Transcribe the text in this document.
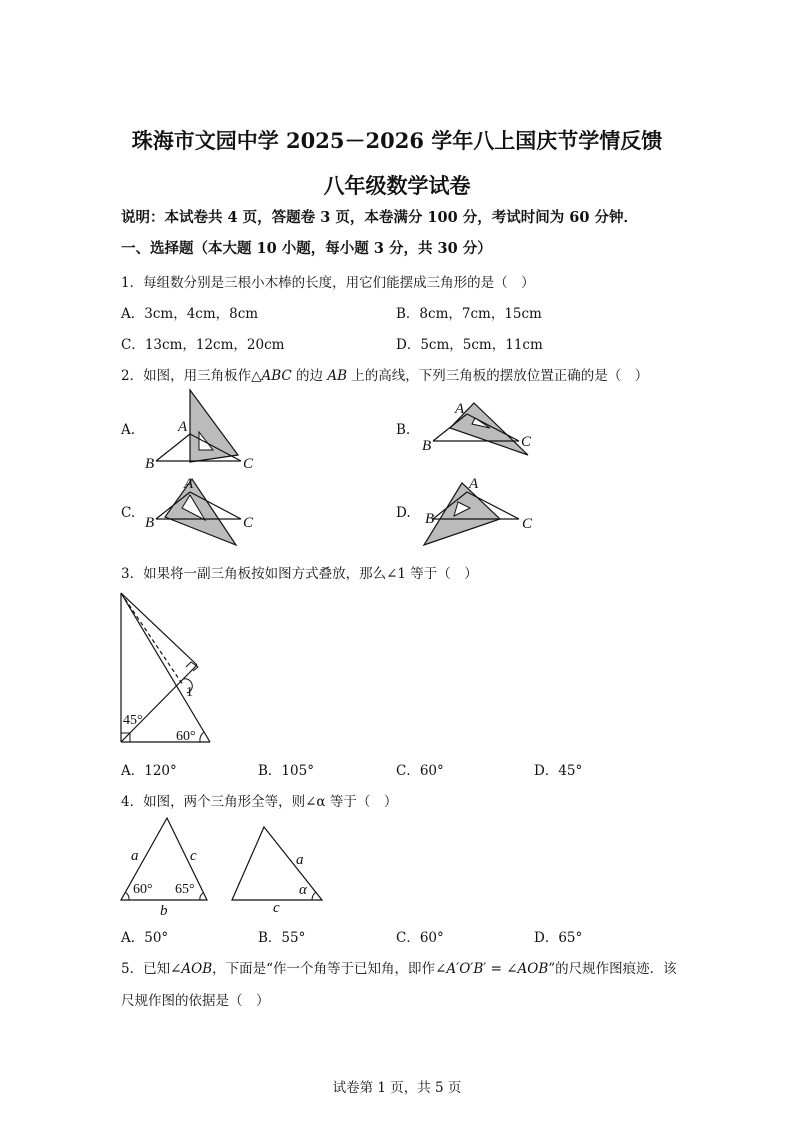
珠海市文园中学 2025－2026 学年八上国庆节学情反馈
八年级数学试卷
说明：本试卷共 4 页，答题卷 3 页，本卷满分 100 分，考试时间为 60 分钟．
一、选择题（本大题 10 小题，每小题 3 分，共 30 分）
1．每组数分别是三根小木棒的长度，用它们能摆成三角形的是（　）
A．3cm，4cm，8cm	B．8cm，7cm，15cm
C．13cm，12cm，20cm	D．5cm，5cm，11cm
2．如图，用三角板作△ABC 的边 AB 上的高线，下列三角板的摆放位置正确的是（　）
A.	B.
C.	D.
A
B	C
A
B	C
A
B	C
A
B	C
3．如果将一副三角板按如图方式叠放，那么∠1 等于（　）
1
45°
60°
A．120°	B．105°	C．60°	D．45°
4．如图，两个三角形全等，则∠α 等于（　）
a	c
b
60° 65°
a
c
α
A．50°	B．55°	C．60°	D．65°
5．已知∠AOB，下面是“作一个角等于已知角，即作∠A′O′B′ = ∠AOB”的尺规作图痕迹．该
尺规作图的依据是（　）
试卷第 1 页，共 5 页
